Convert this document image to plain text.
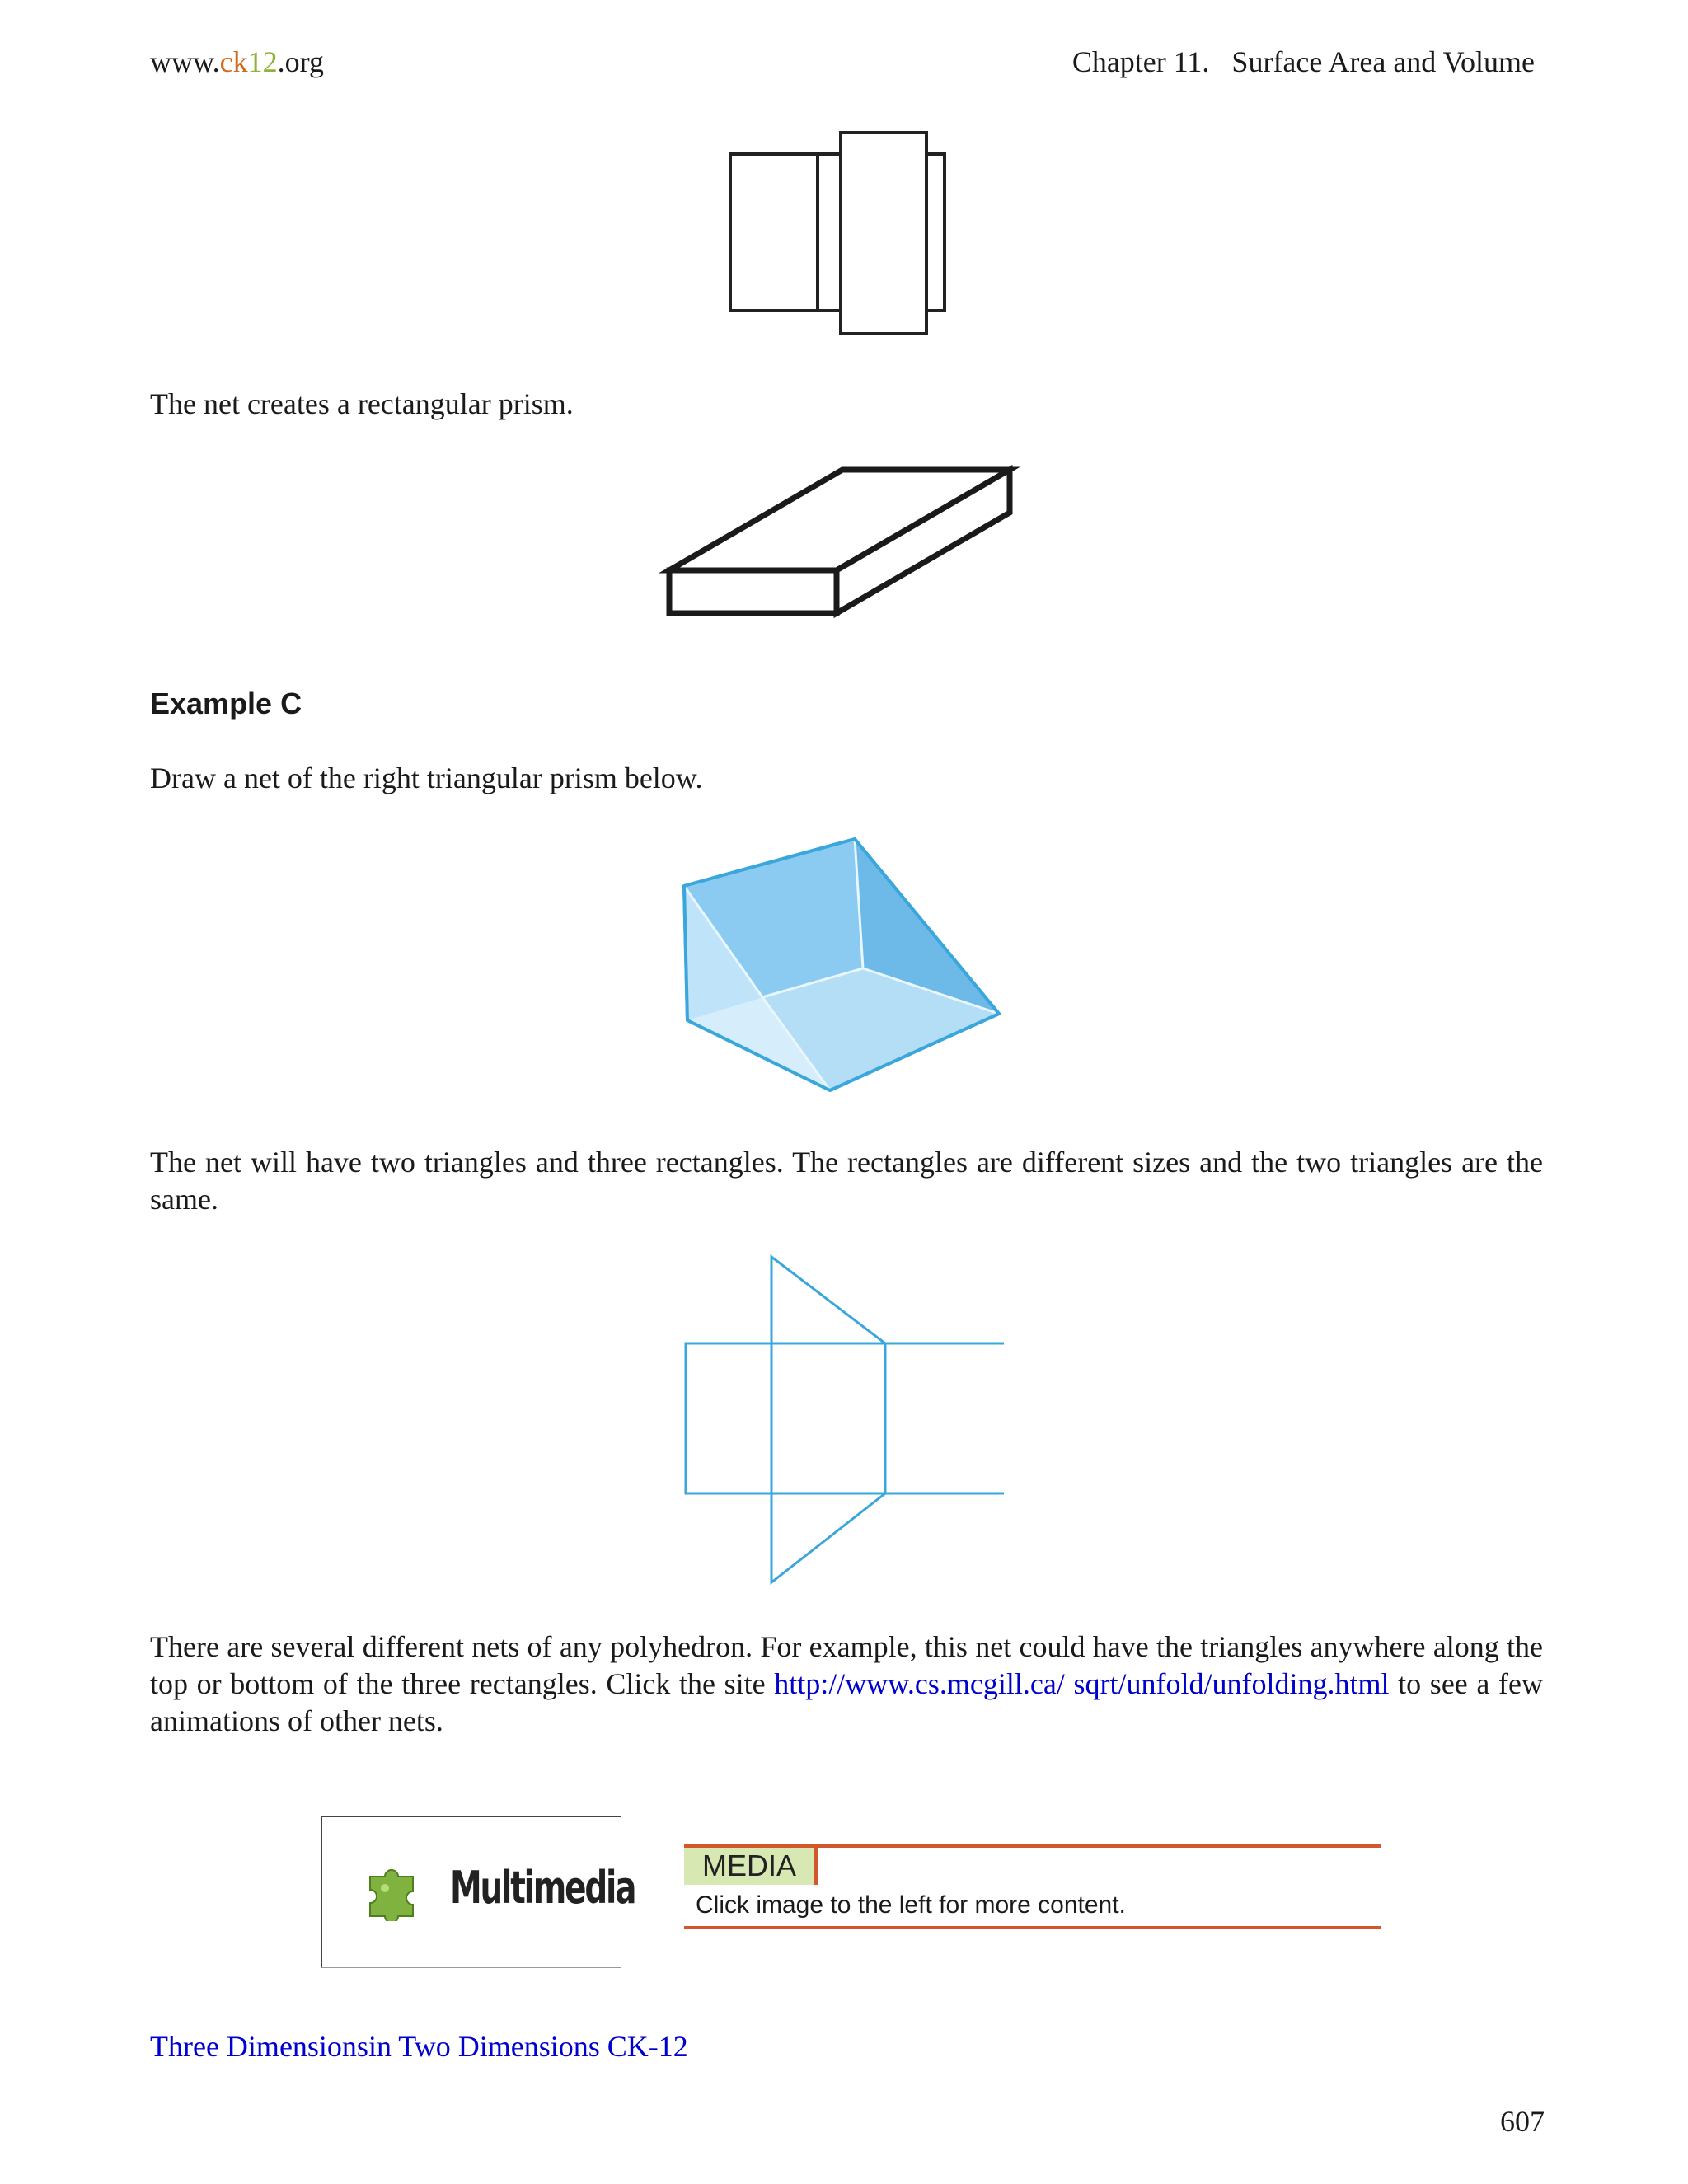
www.ck12.org	Chapter 11.   Surface Area and Volume
The net creates a rectangular prism.
Example C
Draw a net of the right triangular prism below.
The net will have two triangles and three rectangles. The rectangles are different sizes and the two triangles are the same.
There are several different nets of any polyhedron. For example, this net could have the triangles anywhere along the top or bottom of the three rectangles. Click the site http://www.cs.mcgill.ca/ sqrt/unfold/unfolding.html to see a few animations of other nets.
Multimedia	MEDIA
Click image to the left for more content.
Three Dimensionsin Two Dimensions CK-12
607
